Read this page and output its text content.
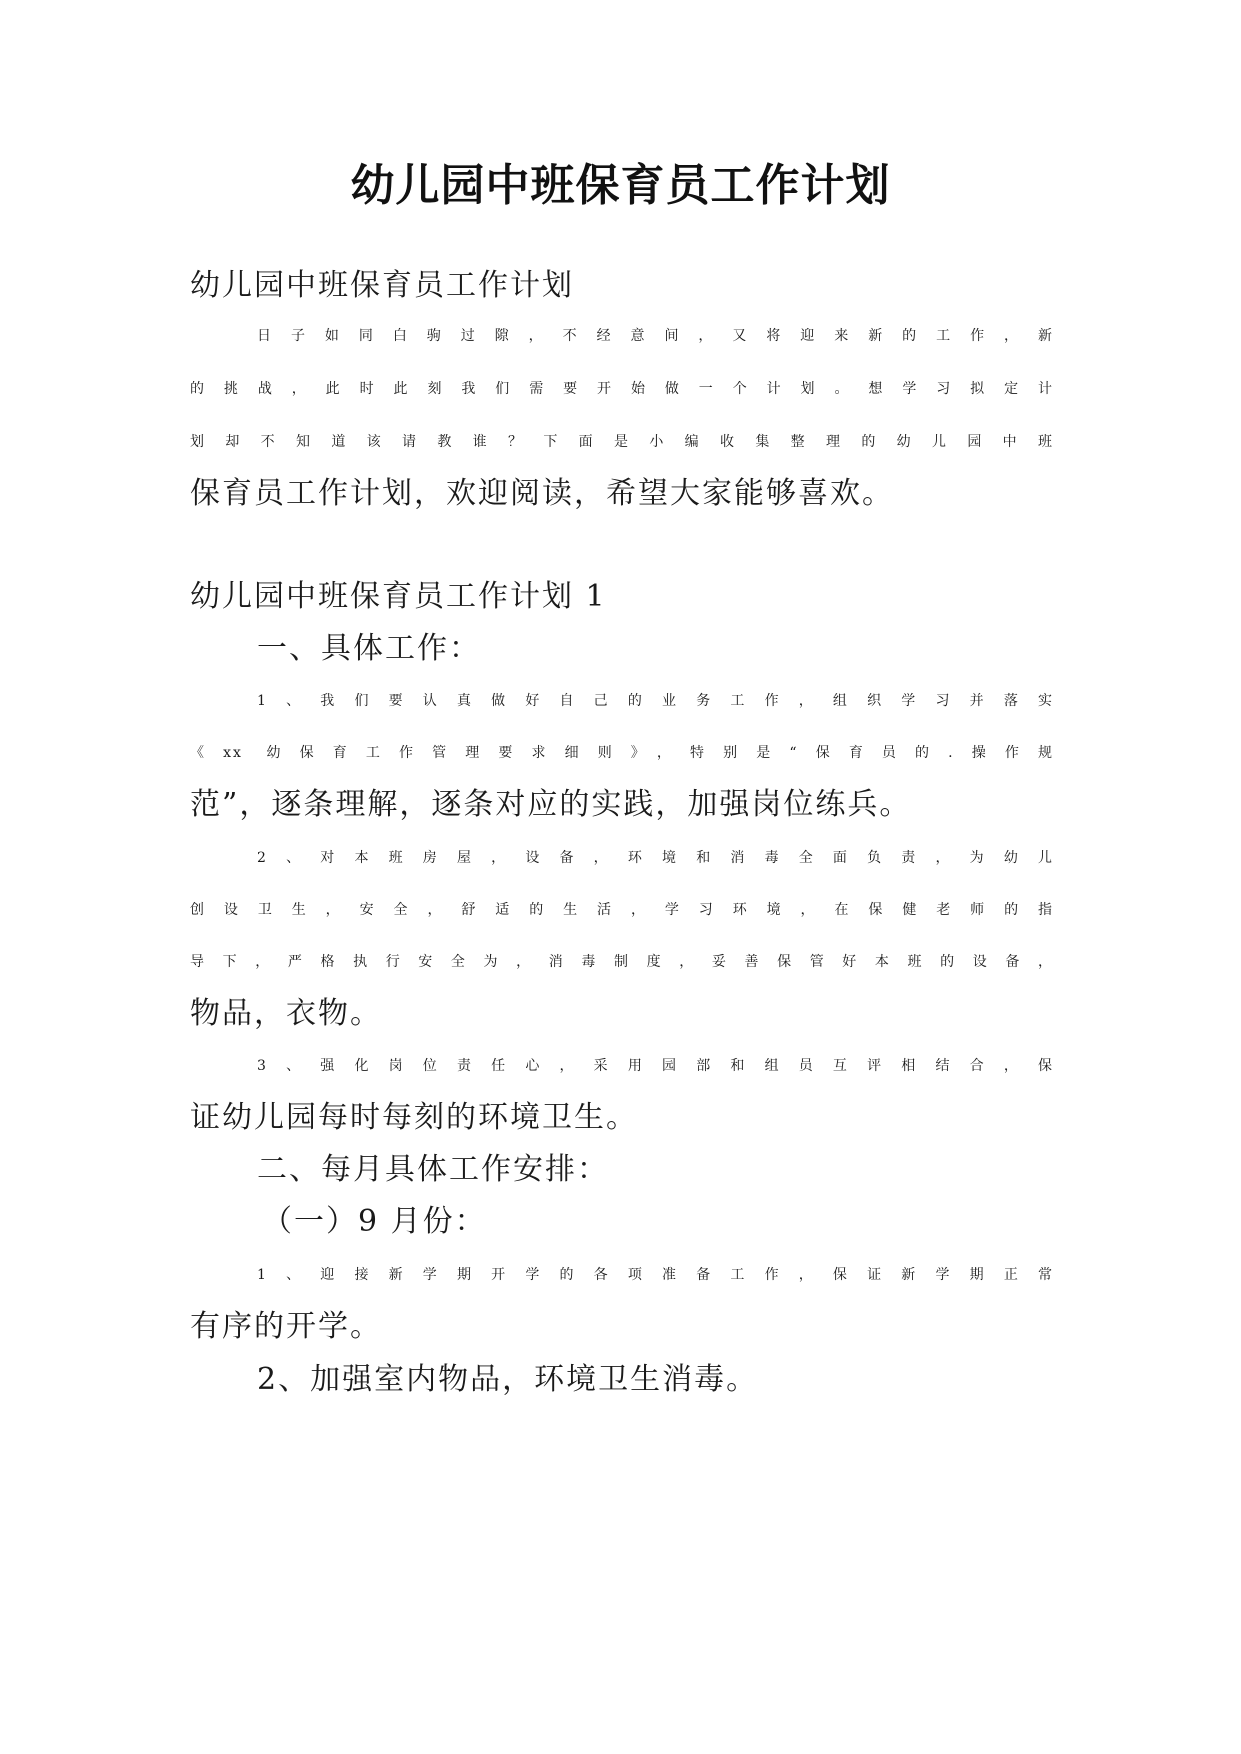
幼儿园中班保育员工作计划
幼儿园中班保育员工作计划
日子如同白驹过隙，不经意间，又将迎来新的工作，新
的挑战，此时此刻我们需要开始做一个计划。想学习拟定计
划却不知道该请教谁？下面是小编收集整理的幼儿园中班
保育员工作计划，欢迎阅读，希望大家能够喜欢。
幼儿园中班保育员工作计划 1
一、具体工作：
1、我们要认真做好自己的业务工作，组织学习并落实
《xx 幼保育工作管理要求细则》，特别是“保育员的.操作规
范”，逐条理解，逐条对应的实践，加强岗位练兵。
2、对本班房屋，设备，环境和消毒全面负责，为幼儿
创设卫生，安全，舒适的生活，学习环境，在保健老师的指
导下，严格执行安全为，消毒制度，妥善保管好本班的设备，
物品，衣物。
3、强化岗位责任心，采用园部和组员互评相结合，保
证幼儿园每时每刻的环境卫生。
二、每月具体工作安排：
（一）9 月份：
1、迎接新学期开学的各项准备工作，保证新学期正常
有序的开学。
2、加强室内物品，环境卫生消毒。
